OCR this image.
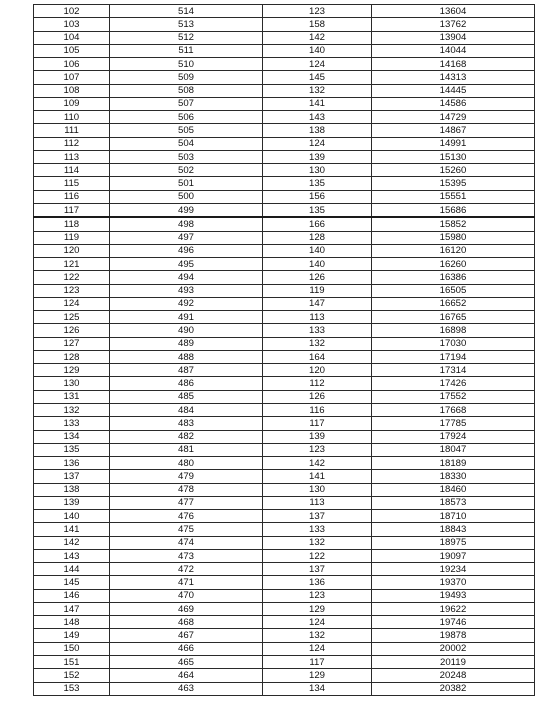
102	514	123	13604
103	513	158	13762
104	512	142	13904
105	511	140	14044
106	510	124	14168
107	509	145	14313
108	508	132	14445
109	507	141	14586
110	506	143	14729
111	505	138	14867
112	504	124	14991
113	503	139	15130
114	502	130	15260
115	501	135	15395
116	500	156	15551
117	499	135	15686
118	498	166	15852
119	497	128	15980
120	496	140	16120
121	495	140	16260
122	494	126	16386
123	493	119	16505
124	492	147	16652
125	491	113	16765
126	490	133	16898
127	489	132	17030
128	488	164	17194
129	487	120	17314
130	486	112	17426
131	485	126	17552
132	484	116	17668
133	483	117	17785
134	482	139	17924
135	481	123	18047
136	480	142	18189
137	479	141	18330
138	478	130	18460
139	477	113	18573
140	476	137	18710
141	475	133	18843
142	474	132	18975
143	473	122	19097
144	472	137	19234
145	471	136	19370
146	470	123	19493
147	469	129	19622
148	468	124	19746
149	467	132	19878
150	466	124	20002
151	465	117	20119
152	464	129	20248
153	463	134	20382
